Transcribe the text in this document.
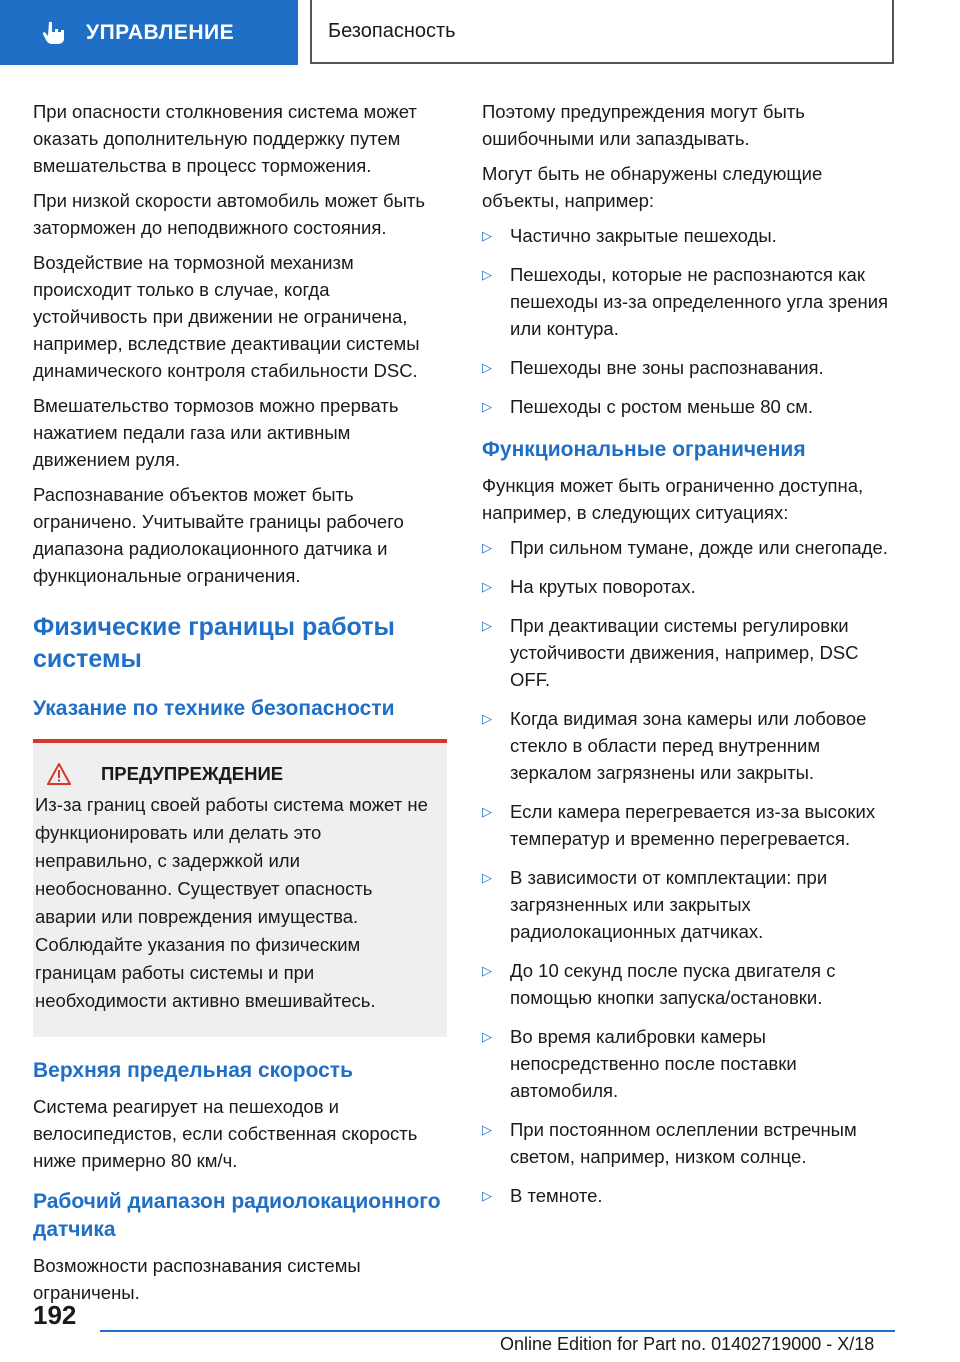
УПРАВЛЕНИЕ	Безопасность

При опасности столкновения система может оказать дополнительную поддержку путем вмешательства в процесс торможения.

При низкой скорости автомобиль может быть заторможен до неподвижного состояния.

Воздействие на тормозной механизм происходит только в случае, когда устойчивость при движении не ограничена, например, вследствие деактивации системы динамического контроля стабильности DSC.

Вмешательство тормозов можно прервать нажатием педали газа или активным движением руля.

Распознавание объектов может быть ограничено. Учитывайте границы рабочего диапазона радиолокационного датчика и функциональные ограничения.

Физические границы работы системы
Указание по технике безопасности
ПРЕДУПРЕЖДЕНИЕ

Из-за границ своей работы система может не функционировать или делать это неправильно, с задержкой или необоснованно. Существует опасность аварии или повреждения имущества. Соблюдайте указания по физическим границам работы системы и при необходимости активно вмешивайтесь.

Верхняя предельная скорость

Система реагирует на пешеходов и велосипедистов, если собственная скорость ниже примерно 80 км/ч.

Рабочий диапазон радиолокационного датчика

Возможности распознавания системы ограничены.

Поэтому предупреждения могут быть ошибочными или запаздывать.

Могут быть не обнаружены следующие объекты, например:

▷ Частично закрытые пешеходы.
▷ Пешеходы, которые не распознаются как пешеходы из-за определенного угла зрения или контура.
▷ Пешеходы вне зоны распознавания.
▷ Пешеходы с ростом меньше 80 см.
Функциональные ограничения

Функция может быть ограниченно доступна, например, в следующих ситуациях:

▷ При сильном тумане, дожде или снегопаде.
▷ На крутых поворотах.
▷ При деактивации системы регулировки устойчивости движения, например, DSC OFF.
▷ Когда видимая зона камеры или лобовое стекло в области перед внутренним зеркалом загрязнены или закрыты.
▷ Если камера перегревается из-за высоких температур и временно перегревается.
▷ В зависимости от комплектации: при загрязненных или закрытых радиолокационных датчиках.
▷ До 10 секунд после пуска двигателя с помощью кнопки запуска/остановки.
▷ Во время калибровки камеры непосредственно после поставки автомобиля.
▷ При постоянном ослеплении встречным светом, например, низком солнце.
▷ В темноте.
192
Online Edition for Part no. 01402719000 - X/18
